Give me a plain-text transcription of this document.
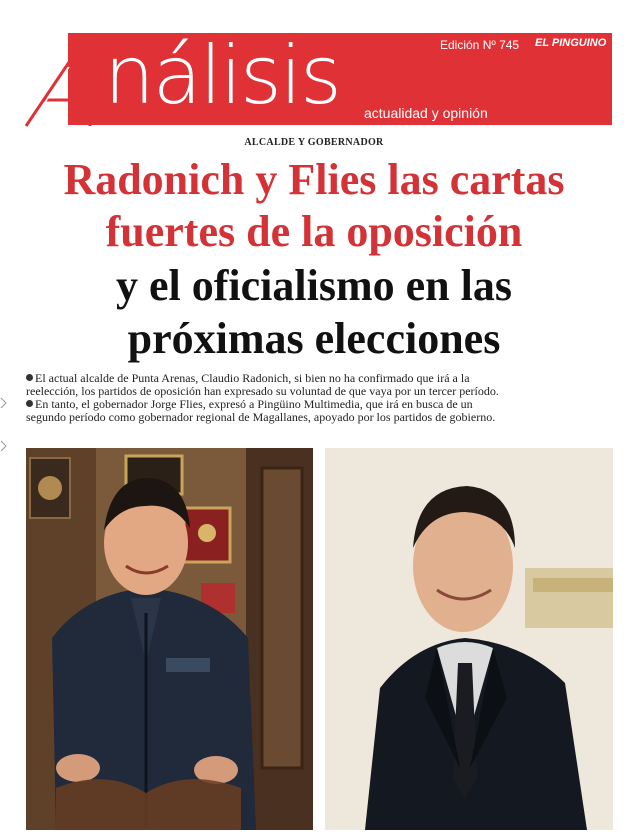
nálisis actualidad y opinión
Edición Nº 745 EL PINGUINO
ALCALDE Y GOBERNADOR
Radonich y Flies las cartas
fuertes de la oposición
y el oficialismo en las
próximas elecciones

El actual alcalde de Punta Arenas, Claudio Radonich, si bien no ha confirmado que irá a la

reelección, los partidos de oposición han expresado su voluntad de que vaya por un tercer período.

En tanto, el gobernador Jorge Flies, expresó a Pingüino Multimedia, que irá en busca de un

segundo período como gobernador regional de Magallanes, apoyado por los partidos de gobierno.
